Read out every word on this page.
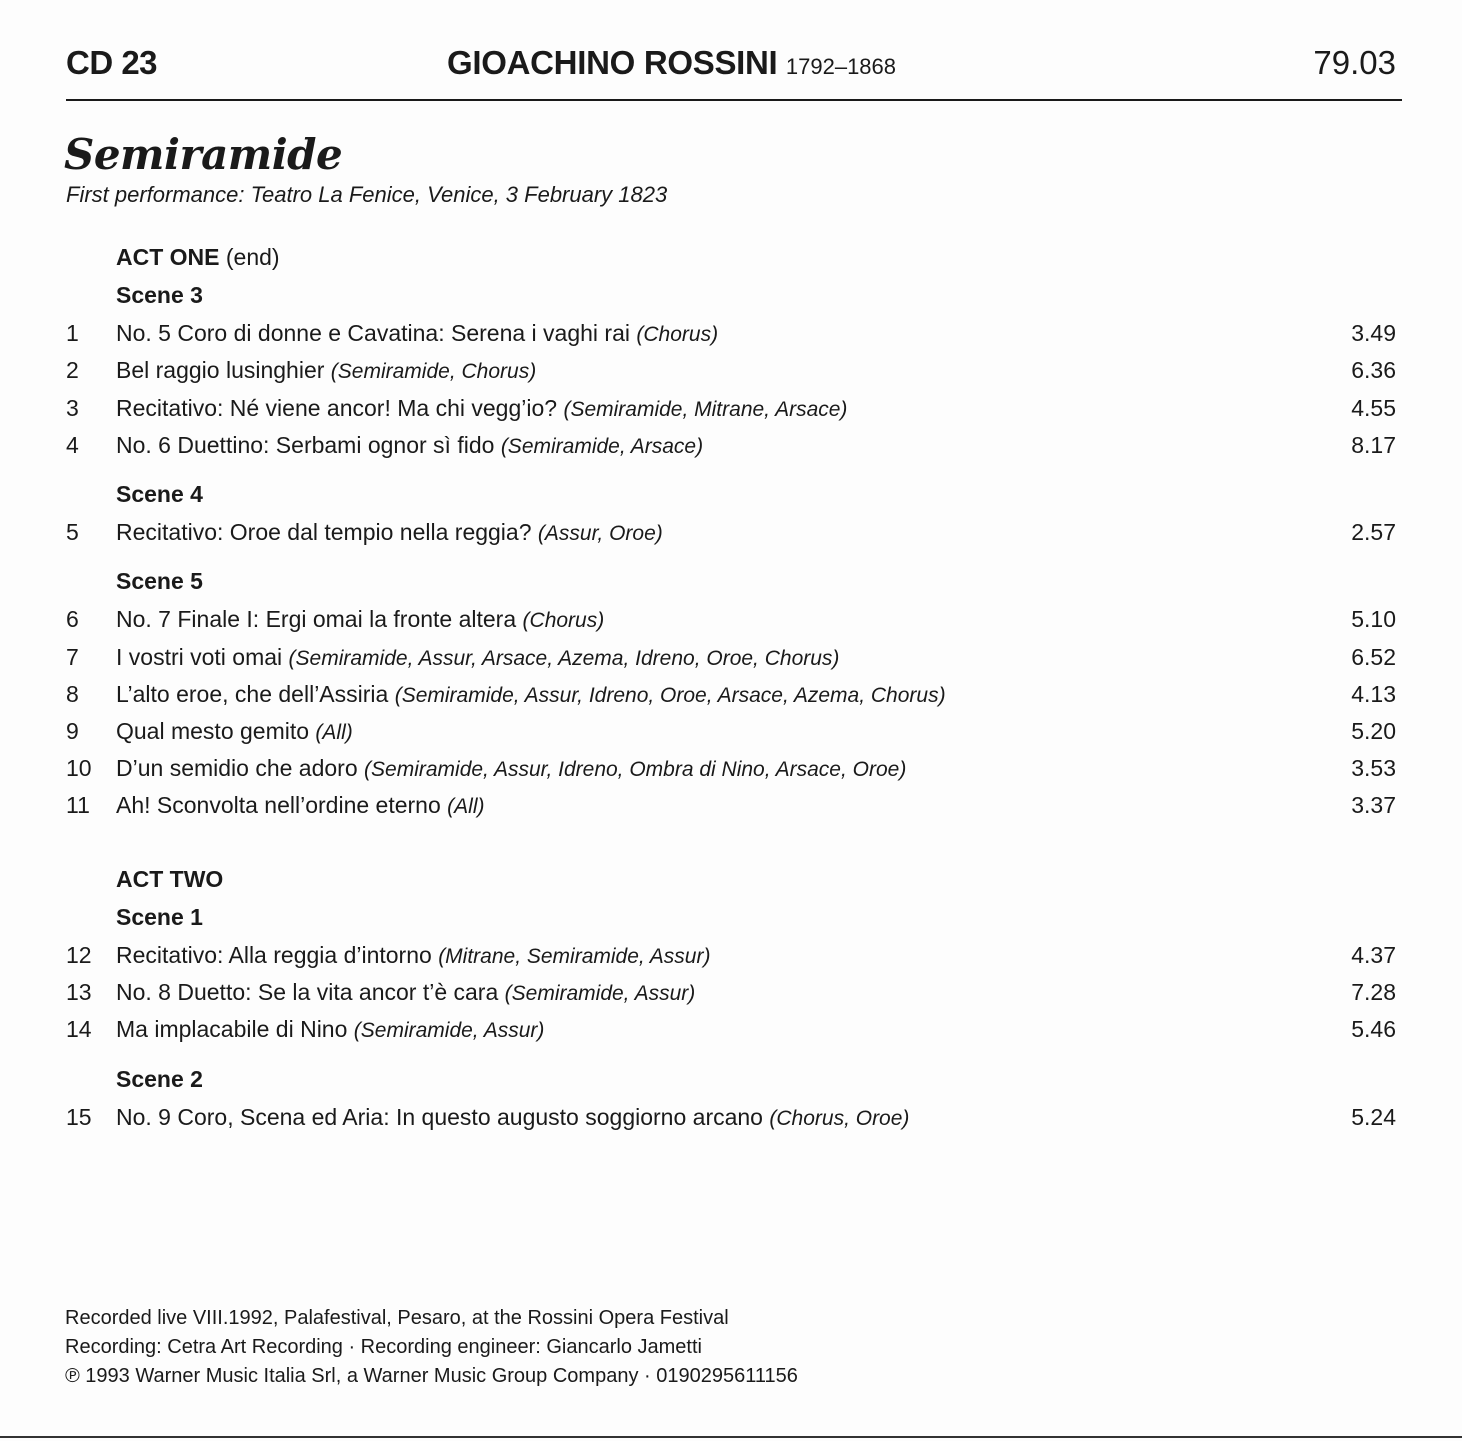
CD 23	GIOACHINO ROSSINI 1792–1868	79.03
Semiramide
First performance: Teatro La Fenice, Venice, 3 February 1823
ACT ONE (end)
Scene 3
1 No. 5 Coro di donne e Cavatina: Serena i vaghi rai (Chorus)	3.49
2 Bel raggio lusinghier (Semiramide, Chorus)	6.36
3 Recitativo: Né viene ancor! Ma chi vegg’io? (Semiramide, Mitrane, Arsace)	4.55
4 No. 6 Duettino: Serbami ognor sì fido (Semiramide, Arsace)	8.17
Scene 4
5 Recitativo: Oroe dal tempio nella reggia? (Assur, Oroe)	2.57
Scene 5
6 No. 7 Finale I: Ergi omai la fronte altera (Chorus)	5.10
7 I vostri voti omai (Semiramide, Assur, Arsace, Azema, Idreno, Oroe, Chorus)	6.52
8 L’alto eroe, che dell’Assiria (Semiramide, Assur, Idreno, Oroe, Arsace, Azema, Chorus)	4.13
9 Qual mesto gemito (All)	5.20
10 D’un semidio che adoro (Semiramide, Assur, Idreno, Ombra di Nino, Arsace, Oroe)	3.53
11 Ah! Sconvolta nell’ordine eterno (All)	3.37
ACT TWO
Scene 1
12 Recitativo: Alla reggia d’intorno (Mitrane, Semiramide, Assur)	4.37
13 No. 8 Duetto: Se la vita ancor t’è cara (Semiramide, Assur)	7.28
14 Ma implacabile di Nino (Semiramide, Assur)	5.46
Scene 2
15 No. 9 Coro, Scena ed Aria: In questo augusto soggiorno arcano (Chorus, Oroe)	5.24
Recorded live VIII.1992, Palafestival, Pesaro, at the Rossini Opera Festival
Recording: Cetra Art Recording · Recording engineer: Giancarlo Jametti
℗ 1993 Warner Music Italia Srl, a Warner Music Group Company · 0190295611156
